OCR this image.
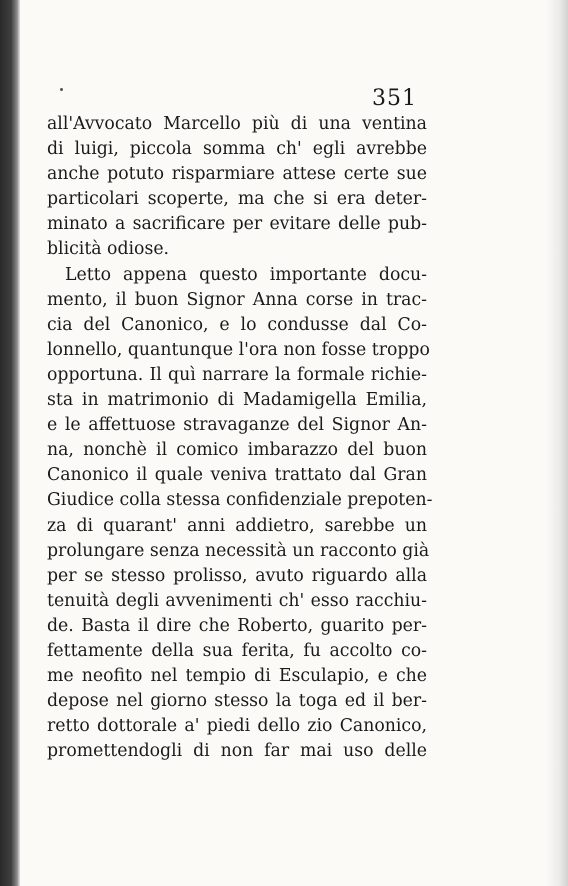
351
all'Avvocato Marcello più di una ventina
di luigi, piccola somma ch' egli avrebbe
anche potuto risparmiare attese certe sue
particolari scoperte, ma che si era deter-
minato a sacrificare per evitare delle pub-
blicità odiose.
Letto appena questo importante docu-
mento, il buon Signor Anna corse in trac-
cia del Canonico, e lo condusse dal Co-
lonnello, quantunque l'ora non fosse troppo
opportuna. Il quì narrare la formale richie-
sta in matrimonio di Madamigella Emilia,
e le affettuose stravaganze del Signor An-
na, nonchè il comico imbarazzo del buon
Canonico il quale veniva trattato dal Gran
Giudice colla stessa confidenziale prepoten-
za di quarant' anni addietro, sarebbe un
prolungare senza necessità un racconto già
per se stesso prolisso, avuto riguardo alla
tenuità degli avvenimenti ch' esso racchiu-
de. Basta il dire che Roberto, guarito per-
fettamente della sua ferita, fu accolto co-
me neofito nel tempio di Esculapio, e che
depose nel giorno stesso la toga ed il ber-
retto dottorale a' piedi dello zio Canonico,
promettendogli di non far mai uso delle
